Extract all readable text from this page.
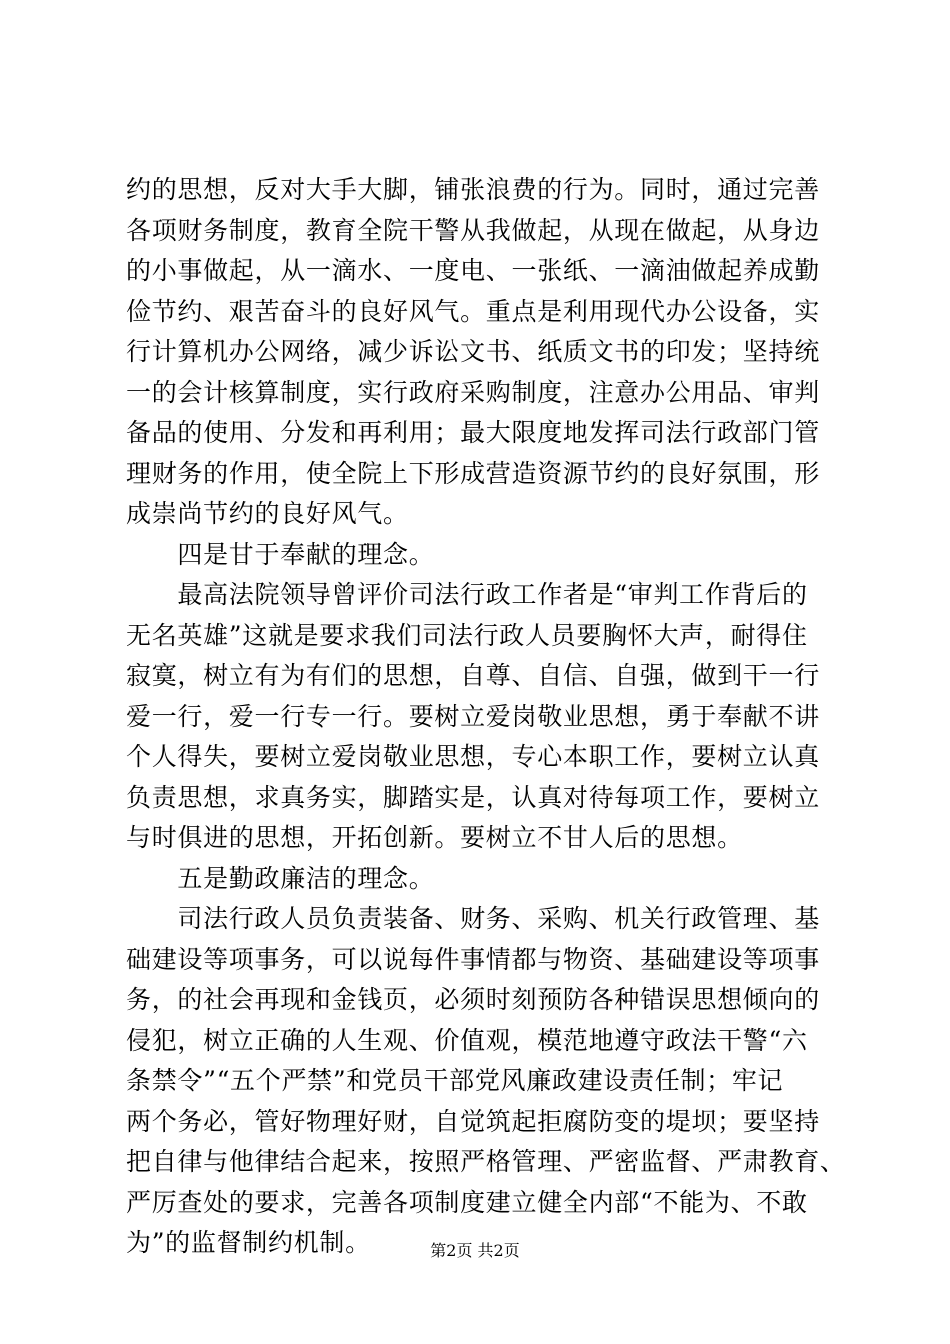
约的思想，反对大手大脚，铺张浪费的行为。同时，通过完善
各项财务制度，教育全院干警从我做起，从现在做起，从身边
的小事做起，从一滴水、一度电、一张纸、一滴油做起养成勤
俭节约、艰苦奋斗的良好风气。重点是利用现代办公设备，实
行计算机办公网络，减少诉讼文书、纸质文书的印发；坚持统
一的会计核算制度，实行政府采购制度，注意办公用品、审判
备品的使用、分发和再利用；最大限度地发挥司法行政部门管
理财务的作用，使全院上下形成营造资源节约的良好氛围，形
成崇尚节约的良好风气。
　　四是甘于奉献的理念。
　　最高法院领导曾评价司法行政工作者是“审判工作背后的
无名英雄”这就是要求我们司法行政人员要胸怀大声，耐得住
寂寞，树立有为有们的思想，自尊、自信、自强，做到干一行
爱一行，爱一行专一行。要树立爱岗敬业思想，勇于奉献不讲
个人得失，要树立爱岗敬业思想，专心本职工作，要树立认真
负责思想，求真务实，脚踏实是，认真对待每项工作，要树立
与时俱进的思想，开拓创新。要树立不甘人后的思想。
　　五是勤政廉洁的理念。
　　司法行政人员负责装备、财务、采购、机关行政管理、基
础建设等项事务，可以说每件事情都与物资、基础建设等项事
务，的社会再现和金钱页，必须时刻预防各种错误思想倾向的
侵犯，树立正确的人生观、价值观，模范地遵守政法干警“六
条禁令”“五个严禁”和党员干部党风廉政建设责任制；牢记
两个务必，管好物理好财，自觉筑起拒腐防变的堤坝；要坚持
把自律与他律结合起来，按照严格管理、严密监督、严肃教育、
严厉查处的要求，完善各项制度建立健全内部“不能为、不敢
为”的监督制约机制。	第2页 共2页
